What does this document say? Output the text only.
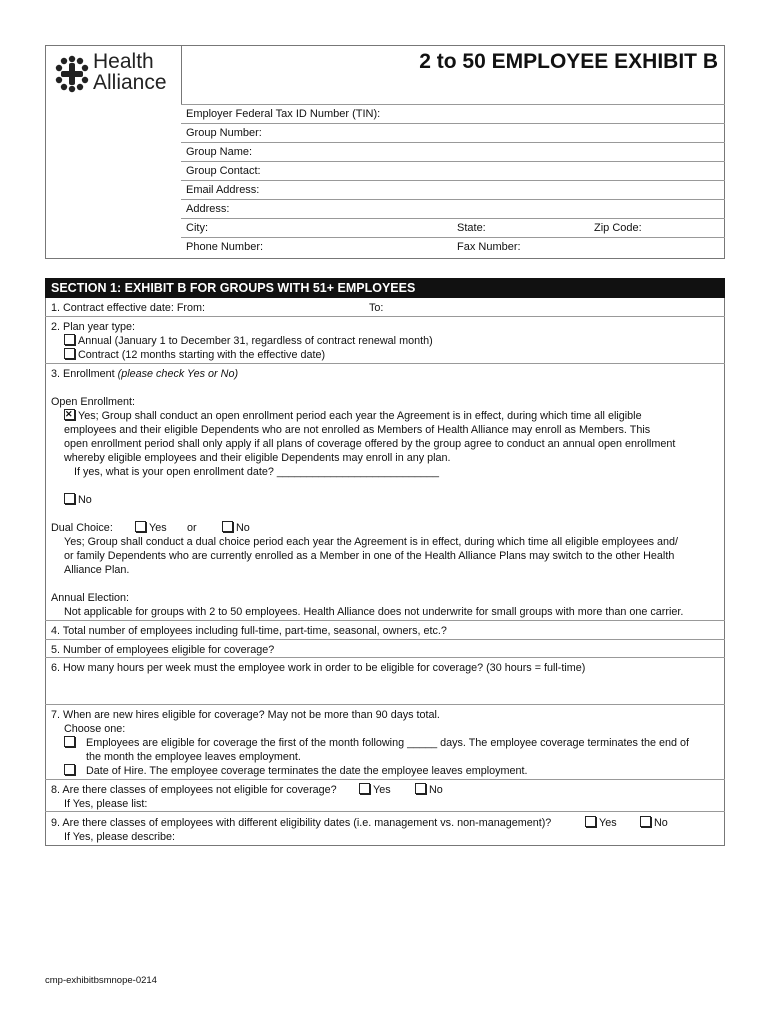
Health
Alliance
2 to 50 EMPLOYEE EXHIBIT B
Employer Federal Tax ID Number (TIN):
Group Number:
Group Name:
Group Contact:
Email Address:
Address:
City:	State:	Zip Code:
Phone Number:	Fax Number:
SECTION 1: EXHIBIT B FOR GROUPS WITH 51+ EMPLOYEES
1. Contract effective date: From:	To:
2. Plan year type:
Annual (January 1 to December 31, regardless of contract renewal month)
Contract (12 months starting with the effective date)
3. Enrollment (please check Yes or No)
Open Enrollment:
✕Yes; Group shall conduct an open enrollment period each year the Agreement is in effect, during which time all eligible
employees and their eligible Dependents who are not enrolled as Members of Health Alliance may enroll as Members. This
open enrollment period shall only apply if all plans of coverage offered by the group agree to conduct an annual open enrollment
whereby eligible employees and their eligible Dependents may enroll in any plan.
If yes, what is your open enrollment date? ___________________________
No
Dual Choice:	Yes or	No
Yes; Group shall conduct a dual choice period each year the Agreement is in effect, during which time all eligible employees and/
or family Dependents who are currently enrolled as a Member in one of the Health Alliance Plans may switch to the other Health
Alliance Plan.
Annual Election:
Not applicable for groups with 2 to 50 employees. Health Alliance does not underwrite for small groups with more than one carrier.
4. Total number of employees including full-time, part-time, seasonal, owners, etc.?
5. Number of employees eligible for coverage?
6. How many hours per week must the employee work in order to be eligible for coverage? (30 hours = full-time)
7. When are new hires eligible for coverage? May not be more than 90 days total.
Choose one:
Employees are eligible for coverage the first of the month following _____ days. The employee coverage terminates the end of
the month the employee leaves employment.
Date of Hire. The employee coverage terminates the date the employee leaves employment.
8. Are there classes of employees not eligible for coverage?	Yes	No
If Yes, please list:
9. Are there classes of employees with different eligibility dates (i.e. management vs. non-management)?	Yes	No
If Yes, please describe:
cmp-exhibitbsmnope-0214
